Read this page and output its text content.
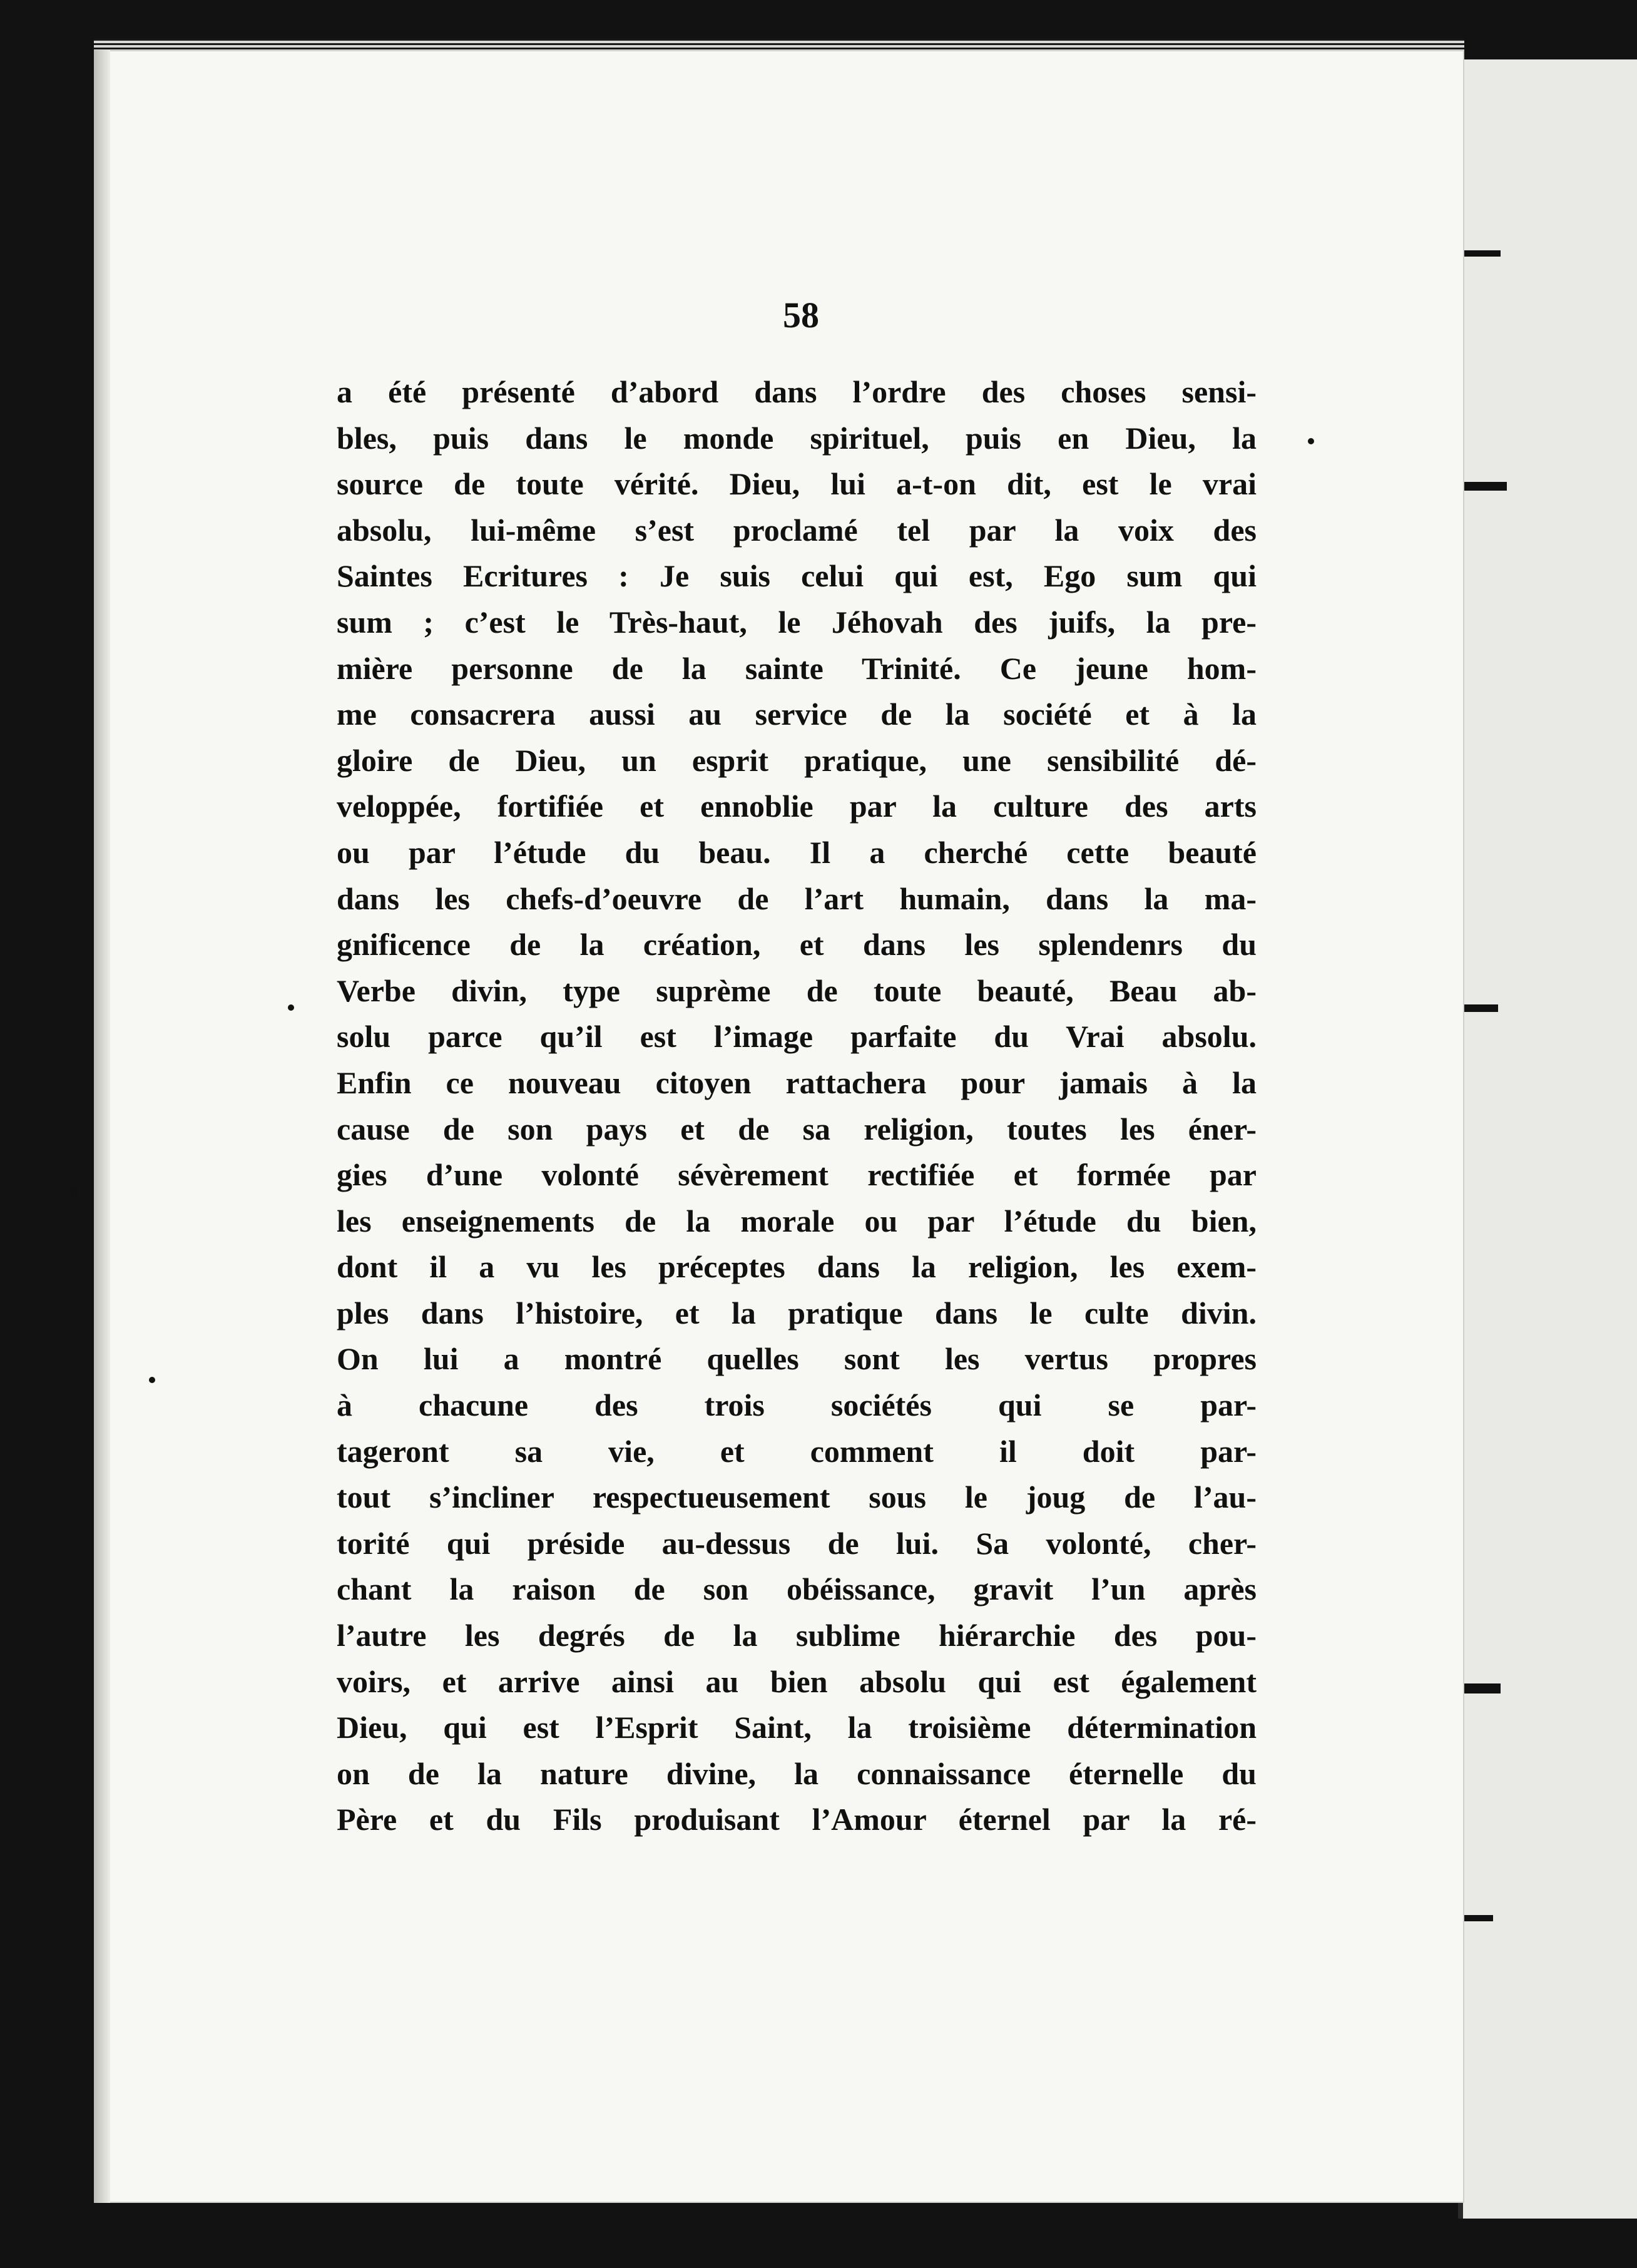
58
a été présenté d’abord dans l’ordre des choses sensi-
bles, puis dans le monde spirituel, puis en Dieu, la
source de toute vérité. Dieu, lui a-t-on dit, est le vrai
absolu, lui-même s’est proclamé tel par la voix des
Saintes Ecritures : Je suis celui qui est, Ego sum qui
sum ; c’est le Très-haut, le Jéhovah des juifs, la pre-
mière personne de la sainte Trinité. Ce jeune hom-
me consacrera aussi au service de la société et à la
gloire de Dieu, un esprit pratique, une sensibilité dé-
veloppée, fortifiée et ennoblie par la culture des arts
ou par l’étude du beau. Il a cherché cette beauté
dans les chefs-d’oeuvre de l’art humain, dans la ma-
gnificence de la création, et dans les splendenrs du
Verbe divin, type suprème de toute beauté, Beau ab-
solu parce qu’il est l’image parfaite du Vrai absolu.
Enfin ce nouveau citoyen rattachera pour jamais à la
cause de son pays et de sa religion, toutes les éner-
gies d’une volonté sévèrement rectifiée et formée par
les enseignements de la morale ou par l’étude du bien,
dont il a vu les préceptes dans la religion, les exem-
ples dans l’histoire, et la pratique dans le culte divin.
On lui a montré quelles sont les vertus propres
à chacune des trois sociétés qui se par-
tageront sa vie, et comment il doit par-
tout s’incliner respectueusement sous le joug de l’au-
torité qui préside au-dessus de lui. Sa volonté, cher-
chant la raison de son obéissance, gravit l’un après
l’autre les degrés de la sublime hiérarchie des pou-
voirs, et arrive ainsi au bien absolu qui est également
Dieu, qui est l’Esprit Saint, la troisième détermination
on de la nature divine, la connaissance éternelle du
Père et du Fils produisant l’Amour éternel par la ré-
